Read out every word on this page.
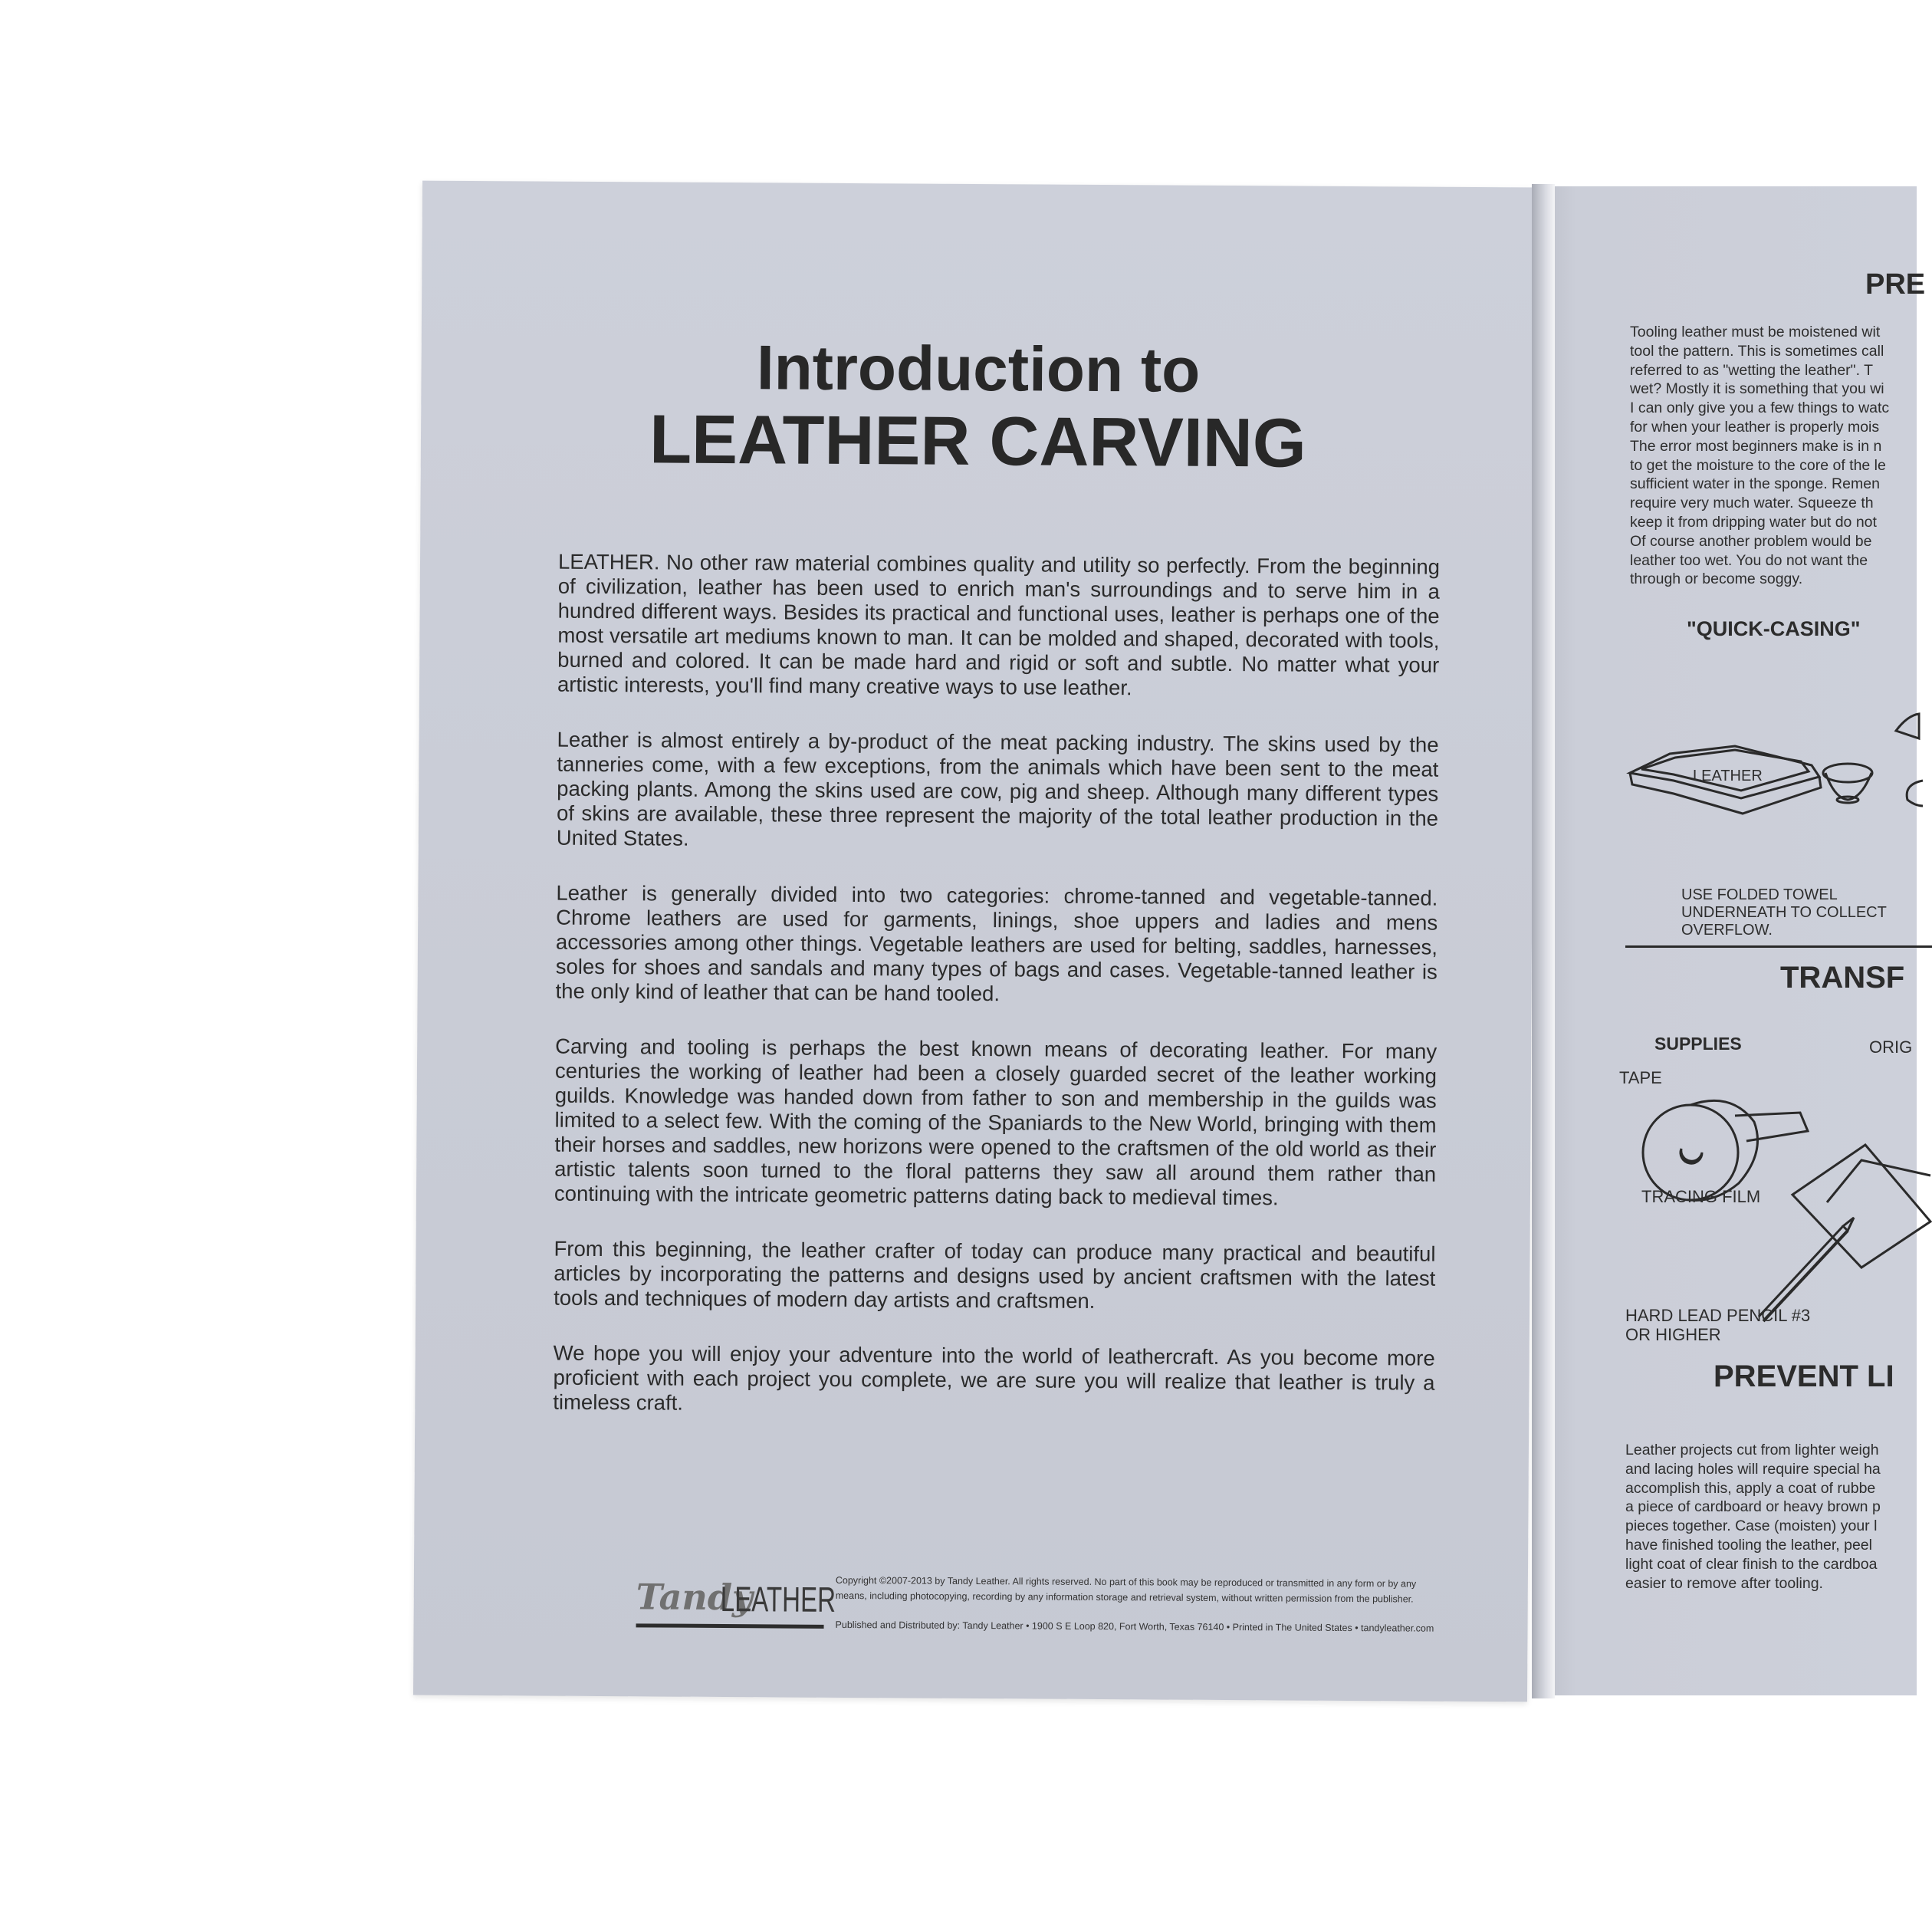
Introduction to
LEATHER CARVING

LEATHER. No other raw material combines quality and utility so perfectly. From the beginning of civilization, leather has been used to enrich man's surroundings and to serve him in a hundred different ways. Besides its practical and functional uses, leather is perhaps one of the most versatile art mediums known to man. It can be molded and shaped, decorated with tools, burned and colored. It can be made hard and rigid or soft and subtle. No matter what your artistic interests, you'll find many creative ways to use leather.

Leather is almost entirely a by-product of the meat packing industry. The skins used by the tanneries come, with a few exceptions, from the animals which have been sent to the meat packing plants. Among the skins used are cow, pig and sheep. Although many different types of skins are available, these three represent the majority of the total leather production in the United States.

Leather is generally divided into two categories: chrome-tanned and vegetable-tanned. Chrome leathers are used for garments, linings, shoe uppers and ladies and mens accessories among other things. Vegetable leathers are used for belting, saddles, harnesses, soles for shoes and sandals and many types of bags and cases. Vegetable-tanned leather is the only kind of leather that can be hand tooled.

Carving and tooling is perhaps the best known means of decorating leather. For many centuries the working of leather had been a closely guarded secret of the leather working guilds. Knowledge was handed down from father to son and membership in the guilds was limited to a select few. With the coming of the Spaniards to the New World, bringing with them their horses and saddles, new horizons were opened to the craftsmen of the old world as their artistic talents soon turned to the floral patterns they saw all around them rather than continuing with the intricate geometric patterns dating back to medieval times.

From this beginning, the leather crafter of today can produce many practical and beautiful articles by incorporating the patterns and designs used by ancient craftsmen with the latest tools and techniques of modern day artists and craftsmen.

We hope you will enjoy your adventure into the world of leathercraft. As you become more proficient with each project you complete, we are sure you will realize that leather is truly a timeless craft.

Tandy
LEATHER Copyright ©2007-2013 by Tandy Leather. All rights reserved. No part of this book may be reproduced or transmitted in any form or by any means, including photocopying, recording by any information storage and retrieval system, without written permission from the publisher.
Published and Distributed by: Tandy Leather • 1900 S E Loop 820, Fort Worth, Texas 76140 • Printed in The United States • tandyleather.com
PRE
Tooling leather must be moistened wit
tool the pattern. This is sometimes call
referred to as "wetting the leather". T
wet? Mostly it is something that you wi
I can only give you a few things to watc
for when your leather is properly mois
The error most beginners make is in n
to get the moisture to the core of the le
sufficient water in the sponge. Remen
require very much water. Squeeze th
keep it from dripping water but do not
Of course another problem would be
leather too wet. You do not want the
through or become soggy.
"QUICK-CASING"
LEATHER
USE FOLDED TOWEL
UNDERNEATH TO COLLECT
OVERFLOW.
TRANSF
SUPPLIES	ORIG
TAPE
TRACING FILM
HARD LEAD PENCIL #3
OR HIGHER
PREVENT LI
Leather projects cut from lighter weigh
and lacing holes will require special ha
accomplish this, apply a coat of rubbe
a piece of cardboard or heavy brown p
pieces together. Case (moisten) your l
have finished tooling the leather, peel
light coat of clear finish to the cardboa
easier to remove after tooling.
